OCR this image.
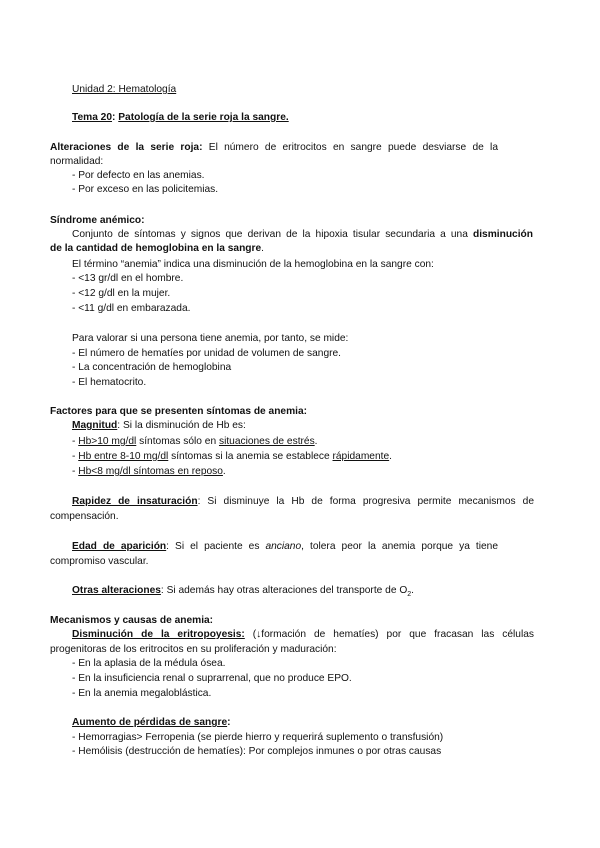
Unidad 2: Hematología
Tema 20: Patología de la serie roja la sangre.
Alteraciones de la serie roja: El número de eritrocitos en sangre puede desviarse de la
normalidad:
- Por defecto en las anemias.
- Por exceso en las policitemias.
Síndrome anémico:
Conjunto de síntomas y signos que derivan de la hipoxia tisular secundaria a una disminución
de la cantidad de hemoglobina en la sangre.
El término “anemia” indica una disminución de la hemoglobina en la sangre con:
- <13 gr/dl en el hombre.
- <12 g/dl en la mujer.
- <11 g/dl en embarazada.
Para valorar si una persona tiene anemia, por tanto, se mide:
- El número de hematíes por unidad de volumen de sangre.
- La concentración de hemoglobina
- El hematocrito.
Factores para que se presenten síntomas de anemia:
Magnitud: Si la disminución de Hb es:
- Hb>10 mg/dl síntomas sólo en situaciones de estrés.
- Hb entre 8-10 mg/dl síntomas si la anemia se establece rápidamente.
- Hb<8 mg/dl síntomas en reposo.
Rapidez de insaturación: Si disminuye la Hb de forma progresiva permite mecanismos de
compensación.
Edad de aparición: Si el paciente es anciano, tolera peor la anemia porque ya tiene
compromiso vascular.
Otras alteraciones: Si además hay otras alteraciones del transporte de $O_2$.
Mecanismos y causas de anemia:
Disminución de la eritropoyesis: (↓formación de hematíes) por que fracasan las células
progenitoras de los eritrocitos en su proliferación y maduración:
- En la aplasia de la médula ósea.
- En la insuficiencia renal o suprarrenal, que no produce EPO.
- En la anemia megaloblástica.
Aumento de pérdidas de sangre:
- Hemorragias> Ferropenia (se pierde hierro y requerirá suplemento o transfusión)
- Hemólisis (destrucción de hematíes): Por complejos inmunes o por otras causas
